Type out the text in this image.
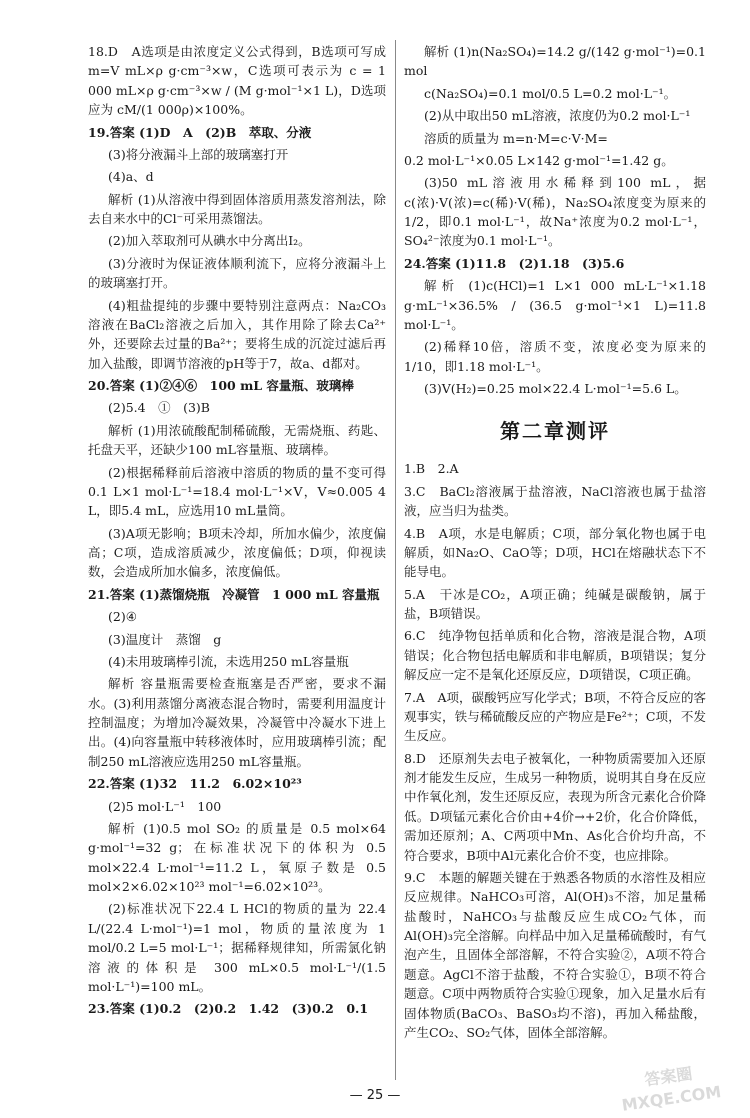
18.D　A选项是由浓度定义公式得到，B选项可写成 m=V mL×ρ g·cm⁻³×w，C选项可表示为 c = 1 000 mL×ρ g·cm⁻³×w / (M g·mol⁻¹×1 L)，D选项应为 cM/(1 000ρ)×100%。

19.答案 (1)D　A　(2)B　萃取、分液

(3)将分液漏斗上部的玻璃塞打开

(4)a、d

解析 (1)从溶液中得到固体溶质用蒸发溶剂法，除去自来水中的Cl⁻可采用蒸馏法。

(2)加入萃取剂可从碘水中分离出I₂。

(3)分液时为保证液体顺利流下，应将分液漏斗上的玻璃塞打开。

(4)粗盐提纯的步骤中要特别注意两点：Na₂CO₃溶液在BaCl₂溶液之后加入，其作用除了除去Ca²⁺外，还要除去过量的Ba²⁺；要将生成的沉淀过滤后再加入盐酸，即调节溶液的pH等于7，故a、d都对。

20.答案 (1)②④⑥　100 mL 容量瓶、玻璃棒

(2)5.4　①　(3)B

解析 (1)用浓硫酸配制稀硫酸，无需烧瓶、药匙、托盘天平，还缺少100 mL容量瓶、玻璃棒。

(2)根据稀释前后溶液中溶质的物质的量不变可得0.1 L×1 mol·L⁻¹=18.4 mol·L⁻¹×V，V≈0.005 4 L，即5.4 mL，应选用10 mL量筒。

(3)A项无影响；B项未冷却，所加水偏少，浓度偏高；C项，造成溶质减少，浓度偏低；D项，仰视读数，会造成所加水偏多，浓度偏低。

21.答案 (1)蒸馏烧瓶　冷凝管　1 000 mL 容量瓶

(2)④

(3)温度计　蒸馏　g

(4)未用玻璃棒引流，未选用250 mL容量瓶

解析 容量瓶需要检查瓶塞是否严密，要求不漏水。(3)利用蒸馏分离液态混合物时，需要利用温度计控制温度；为增加冷凝效果，冷凝管中冷凝水下进上出。(4)向容量瓶中转移液体时，应用玻璃棒引流；配制250 mL溶液应选用250 mL容量瓶。

22.答案 (1)32　11.2　6.02×10²³

(2)5 mol·L⁻¹　100

解析 (1)0.5 mol SO₂ 的质量是 0.5 mol×64 g·mol⁻¹=32 g；在标准状况下的体积为 0.5 mol×22.4 L·mol⁻¹=11.2 L，氧原子数是 0.5 mol×2×6.02×10²³ mol⁻¹=6.02×10²³。

(2)标准状况下22.4 L HCl的物质的量为 22.4 L/(22.4 L·mol⁻¹)=1 mol，物质的量浓度为 1 mol/0.2 L=5 mol·L⁻¹；据稀释规律知，所需氯化钠溶液的体积是 300 mL×0.5 mol·L⁻¹/(1.5 mol·L⁻¹)=100 mL。

23.答案 (1)0.2　(2)0.2　1.42　(3)0.2　0.1

解析 (1)n(Na₂SO₄)=14.2 g/(142 g·mol⁻¹)=0.1 mol

c(Na₂SO₄)=0.1 mol/0.5 L=0.2 mol·L⁻¹。

(2)从中取出50 mL溶液，浓度仍为0.2 mol·L⁻¹

溶质的质量为 m=n·M=c·V·M=

0.2 mol·L⁻¹×0.05 L×142 g·mol⁻¹=1.42 g。

(3)50 mL溶液用水稀释到100 mL，据c(浓)·V(浓)=c(稀)·V(稀)，Na₂SO₄浓度变为原来的1/2，即0.1 mol·L⁻¹，故Na⁺浓度为0.2 mol·L⁻¹，SO₄²⁻浓度为0.1 mol·L⁻¹。

24.答案 (1)11.8　(2)1.18　(3)5.6

解析 (1)c(HCl)=1 L×1 000 mL·L⁻¹×1.18 g·mL⁻¹×36.5% / (36.5 g·mol⁻¹×1 L)=11.8 mol·L⁻¹。

(2)稀释10倍，溶质不变，浓度必变为原来的1/10，即1.18 mol·L⁻¹。

(3)V(H₂)=0.25 mol×22.4 L·mol⁻¹=5.6 L。

第二章测评

1.B　2.A

3.C　BaCl₂溶液属于盐溶液，NaCl溶液也属于盐溶液，应当归为盐类。

4.B　A项，水是电解质；C项，部分氧化物也属于电解质，如Na₂O、CaO等；D项，HCl在熔融状态下不能导电。

5.A　干冰是CO₂，A项正确；纯碱是碳酸钠，属于盐，B项错误。

6.C　纯净物包括单质和化合物，溶液是混合物，A项错误；化合物包括电解质和非电解质，B项错误；复分解反应一定不是氧化还原反应，D项错误，C项正确。

7.A　A项，碳酸钙应写化学式；B项，不符合反应的客观事实，铁与稀硫酸反应的产物应是Fe²⁺；C项，不发生反应。

8.D　还原剂失去电子被氧化，一种物质需要加入还原剂才能发生反应，生成另一种物质，说明其自身在反应中作氧化剂，发生还原反应，表现为所含元素化合价降低。D项锰元素化合价由+4价→+2价，化合价降低，需加还原剂；A、C两项中Mn、As化合价均升高，不符合要求，B项中Al元素化合价不变，也应排除。

9.C　本题的解题关键在于熟悉各物质的水溶性及相应反应规律。NaHCO₃可溶，Al(OH)₃不溶，加足量稀盐酸时，NaHCO₃与盐酸反应生成CO₂气体，而Al(OH)₃完全溶解。向样品中加入足量稀硫酸时，有气泡产生，且固体全部溶解，不符合实验②，A项不符合题意。AgCl不溶于盐酸，不符合实验①，B项不符合题意。C项中两物质符合实验①现象，加入足量水后有固体物质(BaCO₃、BaSO₃均不溶)，再加入稀盐酸，产生CO₂、SO₂气体，固体全部溶解。

— 25 —
答案圈 MXQE.COM
